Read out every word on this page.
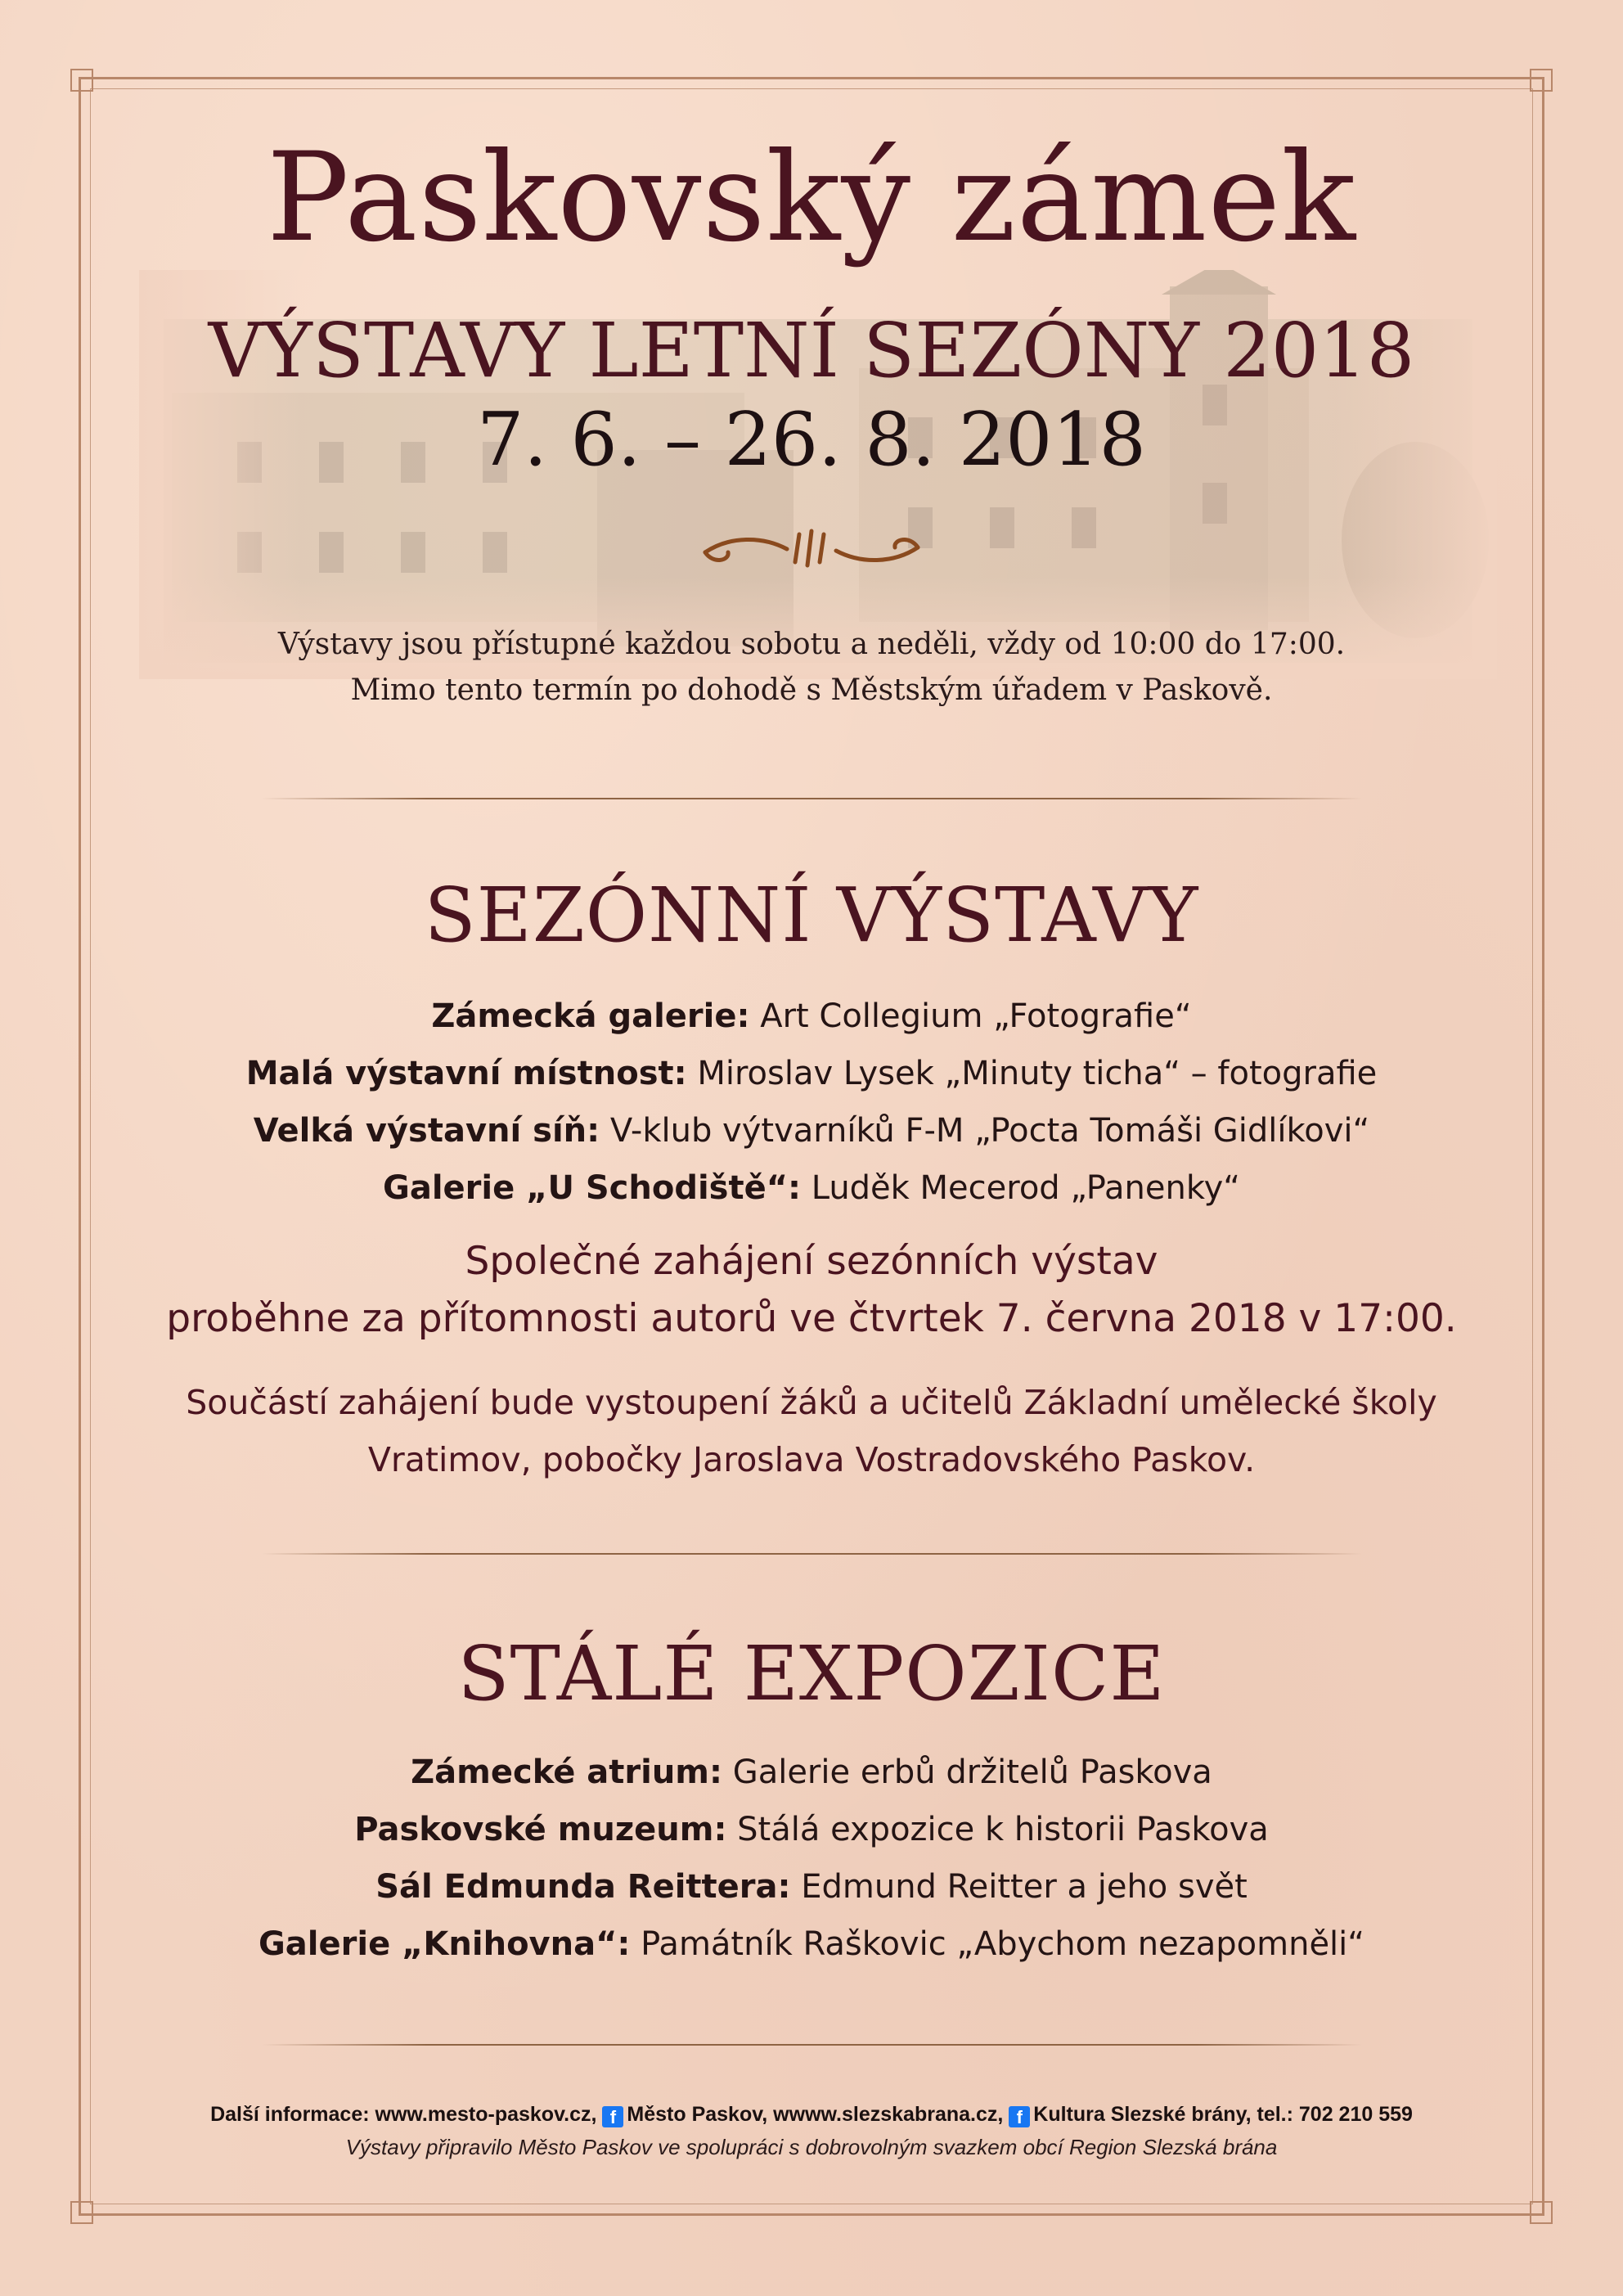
Paskovský zámek
VÝSTAVY LETNÍ SEZÓNY 2018
7. 6. – 26. 8. 2018
Výstavy jsou přístupné každou sobotu a neděli, vždy od 10:00 do 17:00.
Mimo tento termín po dohodě s Městským úřadem v Paskově.
SEZÓNNÍ VÝSTAVY
Zámecká galerie: Art Collegium „Fotografie“
Malá výstavní místnost: Miroslav Lysek „Minuty ticha“ – fotografie
Velká výstavní síň: V-klub výtvarníků F-M „Pocta Tomáši Gidlíkovi“
Galerie „U Schodiště“: Luděk Mecerod „Panenky“
Společné zahájení sezónních výstav
proběhne za přítomnosti autorů ve čtvrtek 7. června 2018 v 17:00.
Součástí zahájení bude vystoupení žáků a učitelů Základní umělecké školy
Vratimov, pobočky Jaroslava Vostradovského Paskov.
STÁLÉ EXPOZICE
Zámecké atrium: Galerie erbů držitelů Paskova
Paskovské muzeum: Stálá expozice k historii Paskova
Sál Edmunda Reittera: Edmund Reitter a jeho svět
Galerie „Knihovna“: Památník Raškovic „Abychom nezapomněli“
Další informace: www.mesto-paskov.cz, f Město Paskov, wwww.slezskabrana.cz, f Kultura Slezské brány, tel.: 702 210 559
Výstavy připravilo Město Paskov ve spolupráci s dobrovolným svazkem obcí Region Slezská brána
